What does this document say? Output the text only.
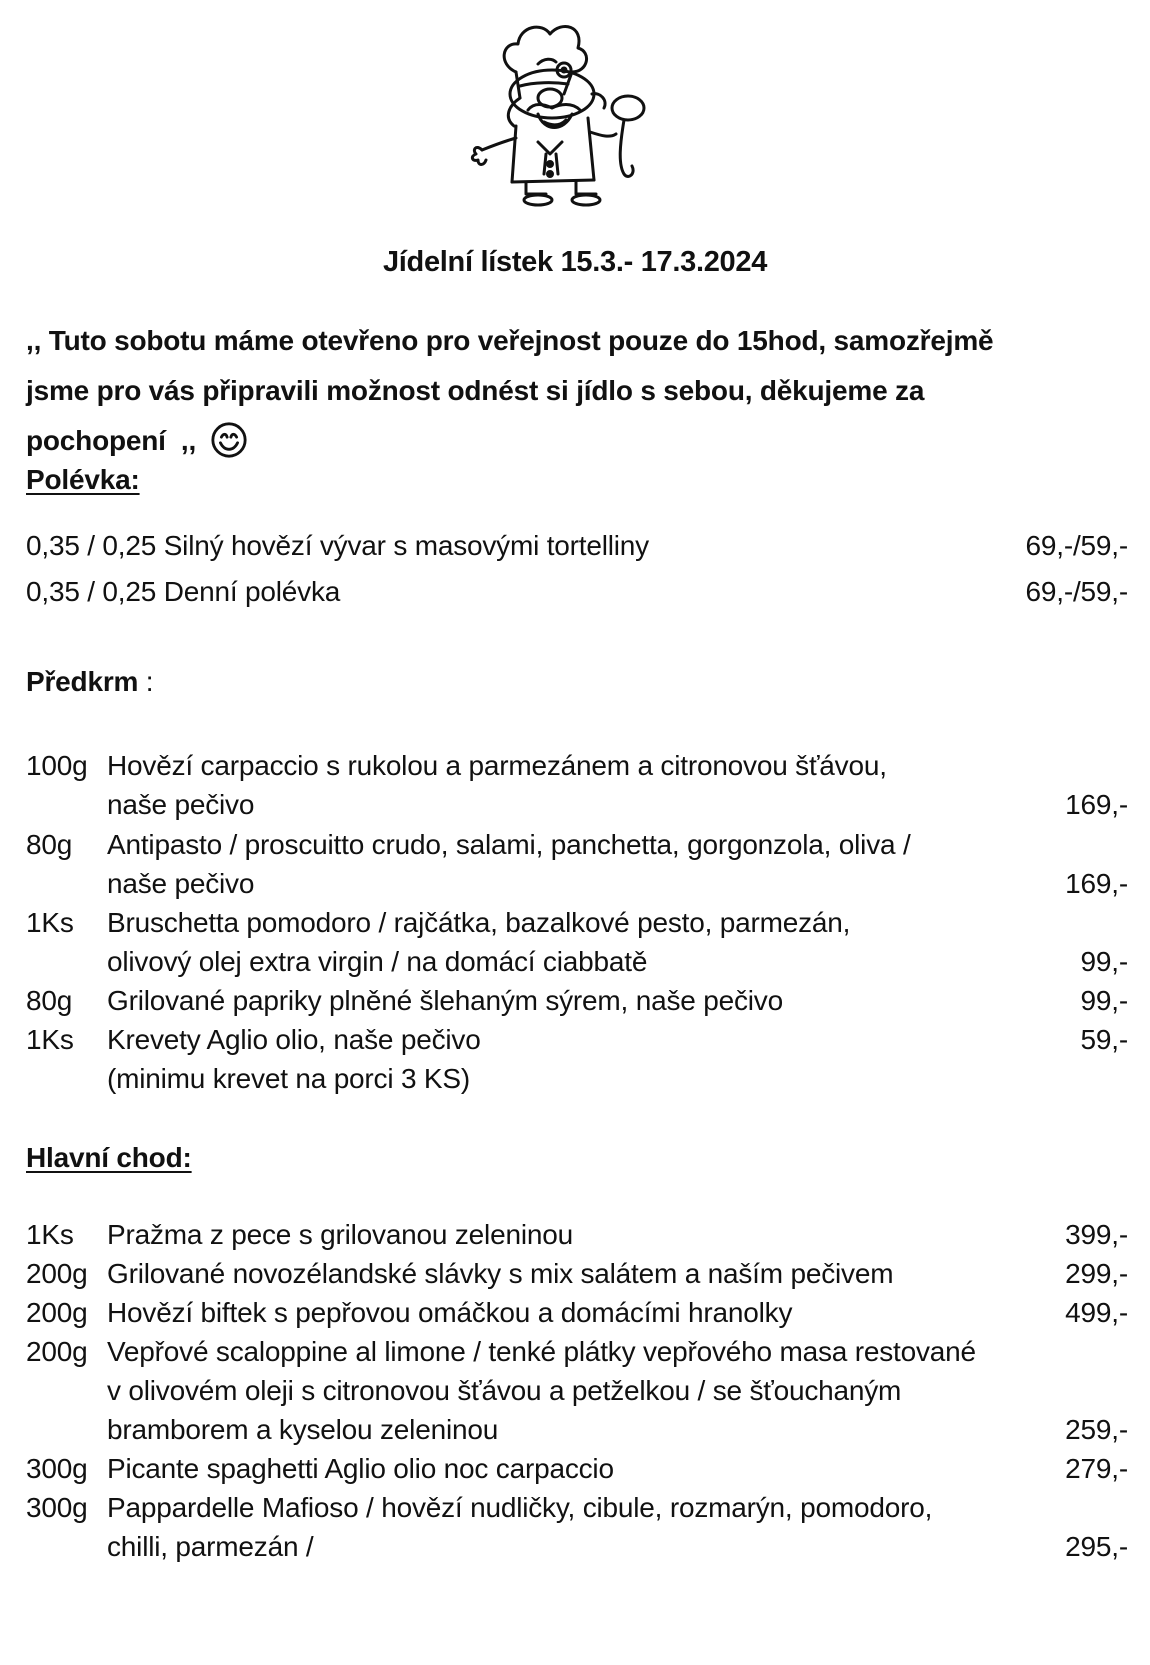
Jídelní lístek 15.3.- 17.3.2024
,, Tuto sobotu máme otevřeno pro veřejnost pouze do 15hod, samozřejmě
jsme pro vás připravili možnost odnést si jídlo s sebou, děkujeme za
pochopení  ,,
Polévka:
0,35 / 0,25 Silný hovězí vývar s masovými tortelliny	69,-/59,-
0,35 / 0,25 Denní polévka	69,-/59,-
Předkrm :
100g Hovězí carpaccio s rukolou a parmezánem a citronovou šťávou,
naše pečivo	169,-
80g Antipasto / proscuitto crudo, salami, panchetta, gorgonzola, oliva /
naše pečivo	169,-
1Ks Bruschetta pomodoro / rajčátka, bazalkové pesto, parmezán,
olivový olej extra virgin / na domácí ciabbatě	99,-
80g Grilované papriky plněné šlehaným sýrem, naše pečivo	99,-
1Ks Krevety Aglio olio, naše pečivo	59,-
(minimu krevet na porci 3 KS)
Hlavní chod:
1Ks Pražma z pece s grilovanou zeleninou	399,-
200g Grilované novozélandské slávky s mix salátem a naším pečivem	299,-
200g Hovězí biftek s pepřovou omáčkou a domácími hranolky	499,-
200g Vepřové scaloppine al limone / tenké plátky vepřového masa restované
v olivovém oleji s citronovou šťávou a petželkou / se šťouchaným
bramborem a kyselou zeleninou	259,-
300g Picante spaghetti Aglio olio noc carpaccio	279,-
300g Pappardelle Mafioso / hovězí nudličky, cibule, rozmarýn, pomodoro,
chilli, parmezán /	295,-
